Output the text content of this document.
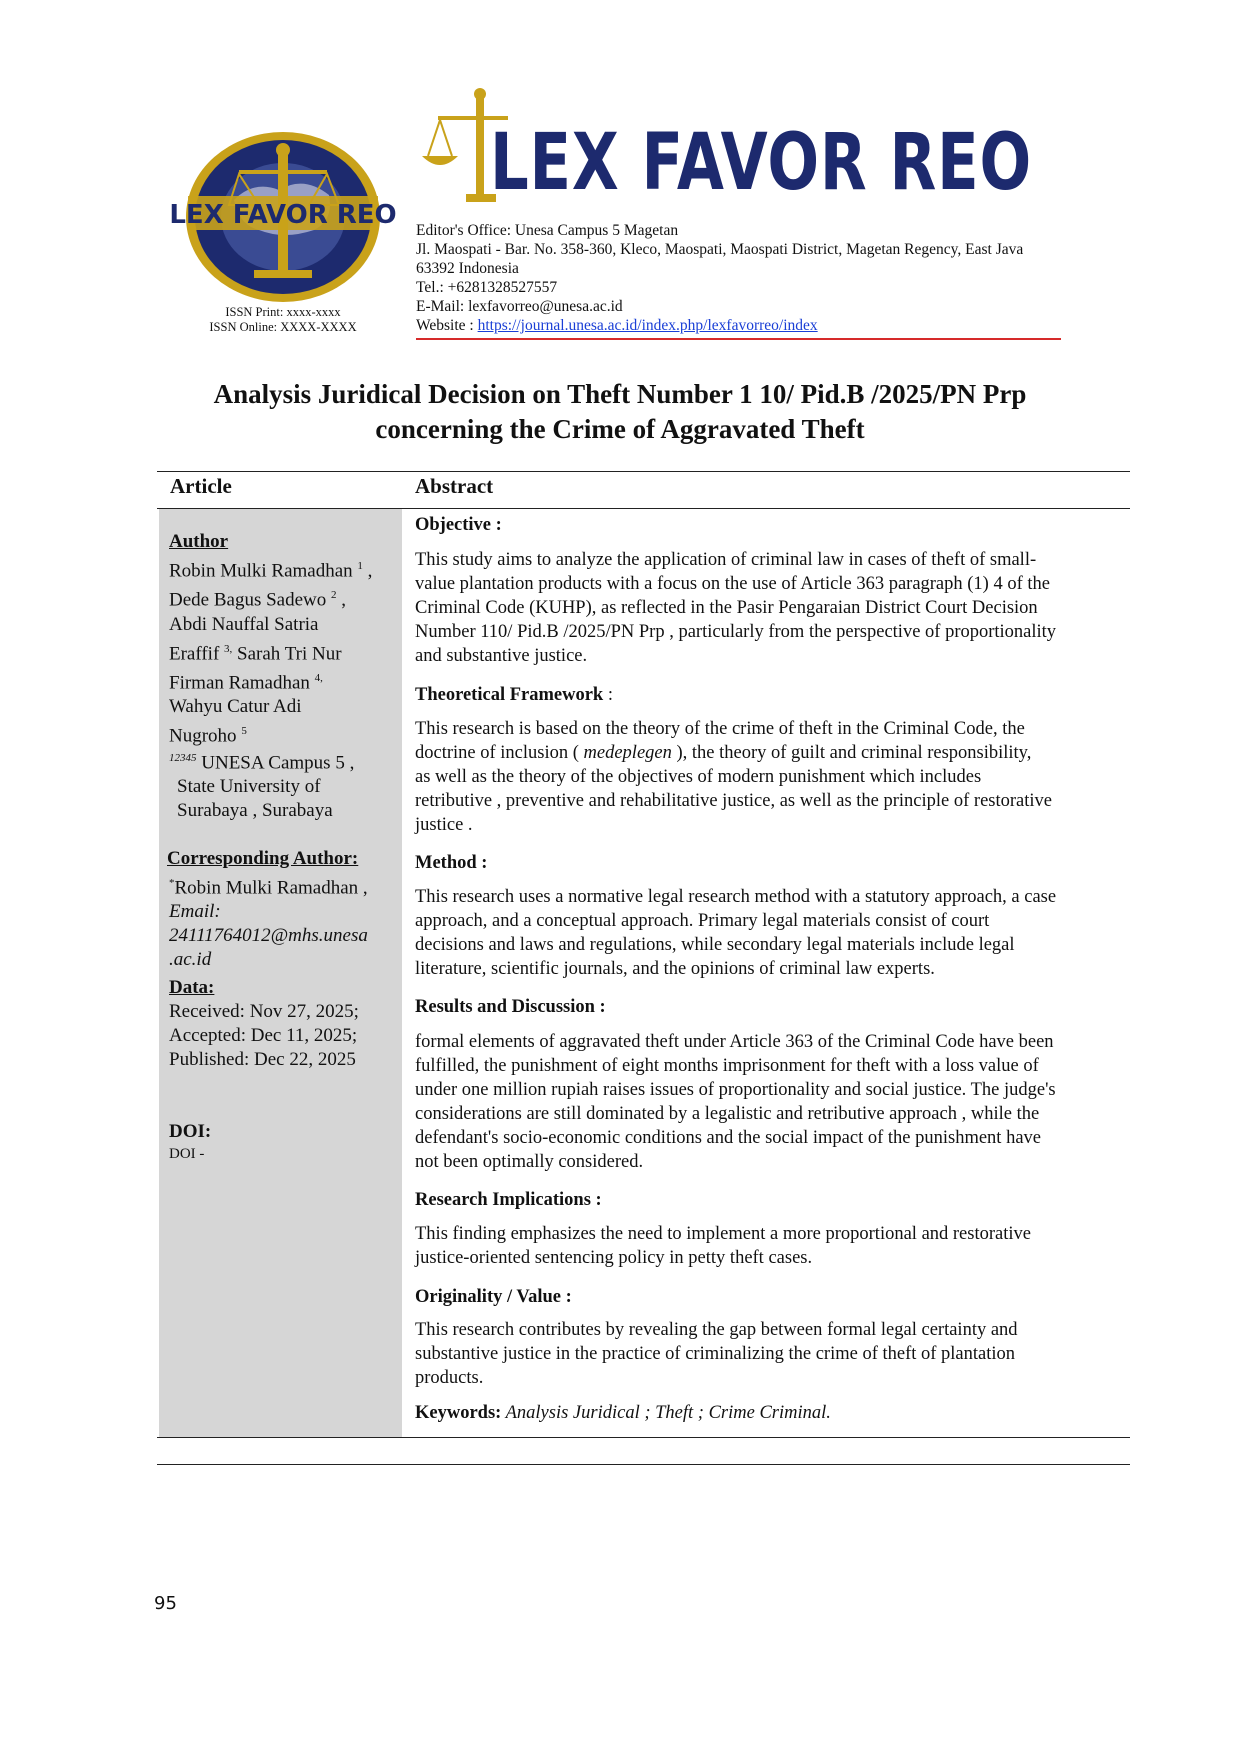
LEX FAVOR REO
ISSN Print: xxxx-xxxx
ISSN Online: XXXX-XXXX
LEX FAVOR REO
Editor's Office: Unesa Campus 5 Magetan
Jl. Maospati - Bar. No. 358-360, Kleco, Maospati, Maospati District, Magetan Regency, East Java
63392 Indonesia
Tel.: +6281328527557
E-Mail: lexfavorreo@unesa.ac.id
Website : https://journal.unesa.ac.id/index.php/lexfavorreo/index
Analysis Juridical Decision on Theft Number 1 10/ Pid.B /2025/PN Prp
concerning the Crime of Aggravated Theft
Article	Abstract
Author
Robin Mulki Ramadhan $^1$ ,
Dede Bagus Sadewo $^2$ ,
Abdi Nauffal Satria
Eraffif $^{3,}$ Sarah Tri Nur
Firman Ramadhan $^{4,}$
Wahyu Catur Adi
Nugroho $^5$
$^{12345}$ UNESA Campus 5 ,
State University of
Surabaya , Surabaya
Corresponding Author:
*Robin Mulki Ramadhan ,
Email:
24111764012@mhs.unesa
.ac.id
Data:
Received: Nov 27, 2025;
Accepted: Dec 11, 2025;
Published: Dec 22, 2025
DOI:
DOI -
Objective :
This study aims to analyze the application of criminal law in cases of theft of small-
value plantation products with a focus on the use of Article 363 paragraph (1) 4 of the
Criminal Code (KUHP), as reflected in the Pasir Pengaraian District Court Decision
Number 110/ Pid.B /2025/PN Prp , particularly from the perspective of proportionality
and substantive justice.
Theoretical Framework :
This research is based on the theory of the crime of theft in the Criminal Code, the
doctrine of inclusion ( medeplegen ), the theory of guilt and criminal responsibility,
as well as the theory of the objectives of modern punishment which includes
retributive , preventive and rehabilitative justice, as well as the principle of restorative
justice .
Method :
This research uses a normative legal research method with a statutory approach, a case
approach, and a conceptual approach. Primary legal materials consist of court
decisions and laws and regulations, while secondary legal materials include legal
literature, scientific journals, and the opinions of criminal law experts.
Results and Discussion :
formal elements of aggravated theft under Article 363 of the Criminal Code have been
fulfilled, the punishment of eight months imprisonment for theft with a loss value of
under one million rupiah raises issues of proportionality and social justice. The judge's
considerations are still dominated by a legalistic and retributive approach , while the
defendant's socio-economic conditions and the social impact of the punishment have
not been optimally considered.
Research Implications :
This finding emphasizes the need to implement a more proportional and restorative
justice-oriented sentencing policy in petty theft cases.
Originality / Value :
This research contributes by revealing the gap between formal legal certainty and
substantive justice in the practice of criminalizing the crime of theft of plantation
products.
Keywords: Analysis Juridical ; Theft ; Crime Criminal.
95
